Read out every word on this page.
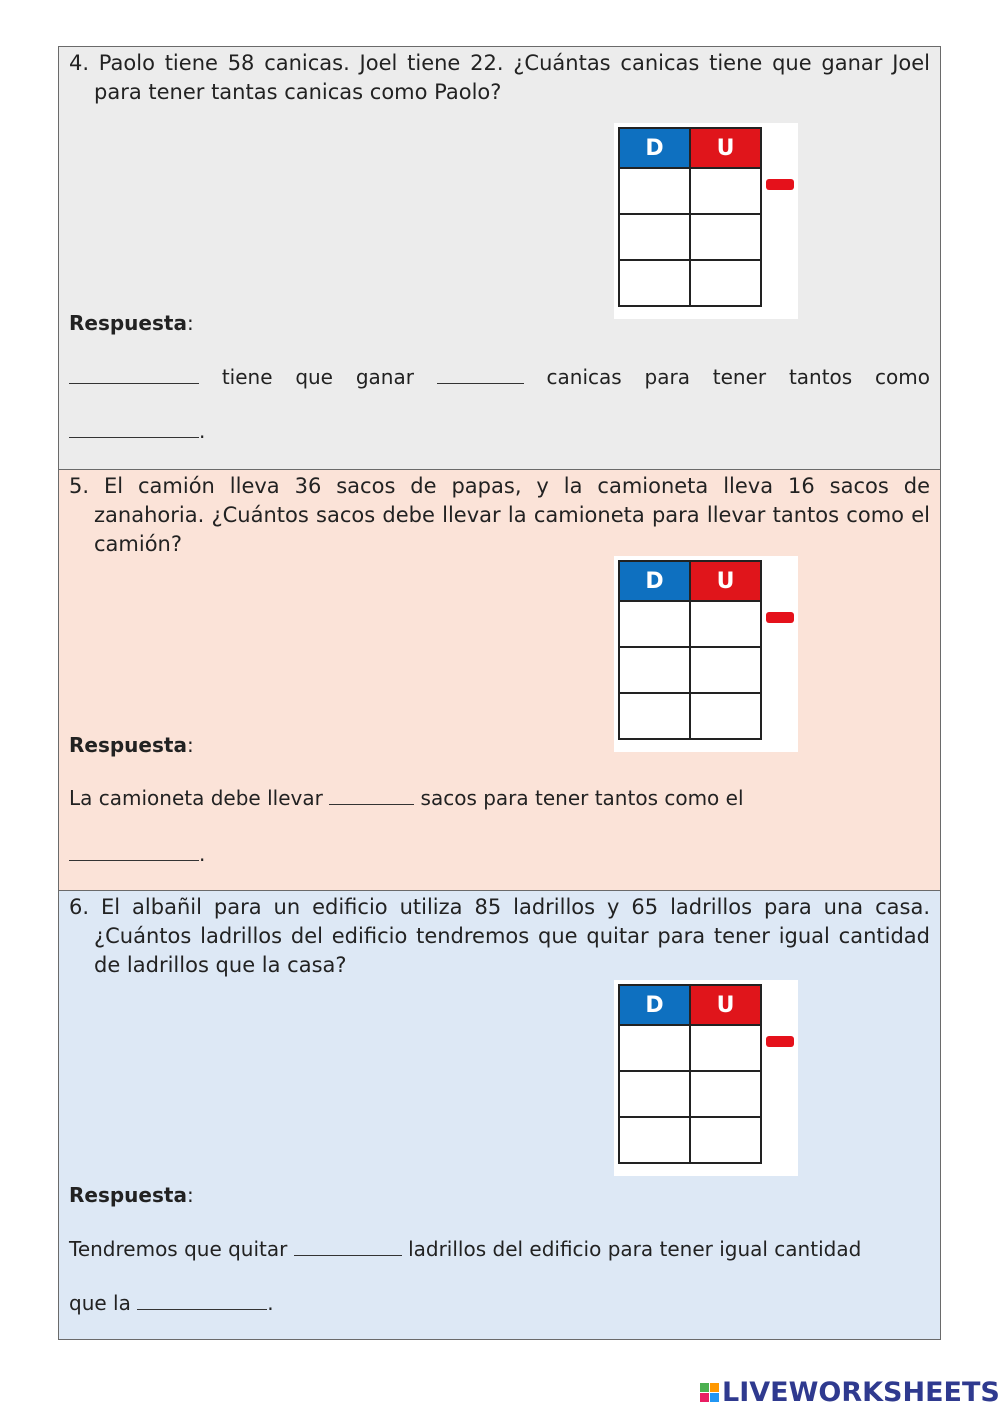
4. Paolo tiene 58 canicas. Joel tiene 22. ¿Cuántas canicas tiene que ganar Joel para tener tantas canicas como Paolo?
D	U

Respuesta:
tiene que ganar	canicas para tener tantos como
.
5. El camión lleva 36 sacos de papas, y la camioneta lleva 16 sacos de zanahoria. ¿Cuántos sacos debe llevar la camioneta para llevar tantos como el camión?
D	U

Respuesta:
La camioneta debe llevar	sacos para tener tantos como el
.
6. El albañil para un edificio utiliza 85 ladrillos y 65 ladrillos para una casa. ¿Cuántos ladrillos del edificio tendremos que quitar para tener igual cantidad de ladrillos que la casa?
D	U

Respuesta:
Tendremos que quitar	ladrillos del edificio para tener igual cantidad
que la	.
LIVEWORKSHEETS
